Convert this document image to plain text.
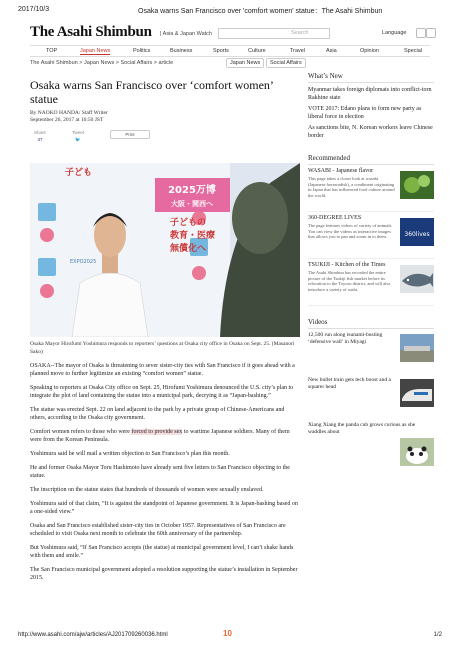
2017/10/3	Osaka warns San Francisco over 'comfort women' statue：The Asahi Shimbun
The Asahi Shimbun | Asia & Japan Watch	Search	Language
TOP	Japan News	Politics	Business	Sports	Culture	Travel	Asia	Opinion	Special
The Asahi Shimbun > Japan News > Social Affairs > article	Japan News	Social Affairs
Osaka warns San Francisco over ‘comfort women’ statue
By NAOKO HANDA/ Staff Writer
September 26, 2017 at 16:50 JST
Share
37
Tweet
🐦
Print
2025万博
大阪・関西へ
子どもの
教育・医療
無償化へ
子ども
EXPO2025
Osaka Mayor Hirofumi Yoshimura responds to reporters’ questions at Osaka city office in Osaka on Sept. 25. (Masanori Sako)

OSAKA--The mayor of Osaka is threatening to sever sister-city ties with San Francisco if it goes ahead with a planned move to further legitimize an existing “comfort women” statue.

Speaking to reporters at Osaka City office on Sept. 25, Hirofumi Yoshimura denounced the U.S. city’s plan to integrate the plot of land containing the statue into a municipal park, decrying it as “Japan-bashing.”

The statue was erected Sept. 22 on land adjacent to the park by a private group of Chinese-Americans and others, according to the Osaka city government.

Comfort women refers to those who were forced to provide sex to wartime Japanese soldiers. Many of them were from the Korean Peninsula.

Yoshimura said he will mail a written objection to San Francisco’s plan this month.

He and former Osaka Mayor Toru Hashimoto have already sent five letters to San Francisco objecting to the statue.

The inscription on the statue states that hundreds of thousands of women were sexually enslaved.

Yoshimura said of that claim, “It is against the standpoint of Japanese government. It is Japan-bashing based on a one-sided view.”

Osaka and San Francisco established sister-city ties in October 1957. Representatives of San Francisco are scheduled to visit Osaka next month to celebrate the 60th anniversary of the partnership.

But Yoshimura said, “If San Francisco accepts (the statue) at municipal government level, I can’t shake hands with them and smile.”

The San Francisco municipal government adopted a resolution supporting the statue’s installation in September 2015.

What’s New
Myanmar takes foreign diplomats into conflict-torn Rakhine state
VOTE 2017: Edano plans to form new party as liberal force in election
As sanctions bite, N. Korean workers leave Chinese border
Recommended
WASABI - Japanese flavor
This page takes a closer look at wasabi (Japanese horseradish), a condiment originating in Japan that has influenced food culture around the world.
360-DEGREE LIVES
The page features videos of variety of animals. You can view the videos as interactive images that allows you to pan and zoom in to them.	360lives
TSUKIJI - Kitchen of the Times
The Asahi Shimbun has recorded the entire picture of the Tsukiji fish market before its relocation to the Toyosu district, and will also introduce a variety of sushi.
Videos
12,500 run along tsunami-busting ‘defensive wall’ in Miyagi
New bullet train gets tech boost and a squarer head
Xiang Xiang the panda cub grows curious as she waddles about
http://www.asahi.com/ajw/articles/AJ201709260036.html	10	1/2
